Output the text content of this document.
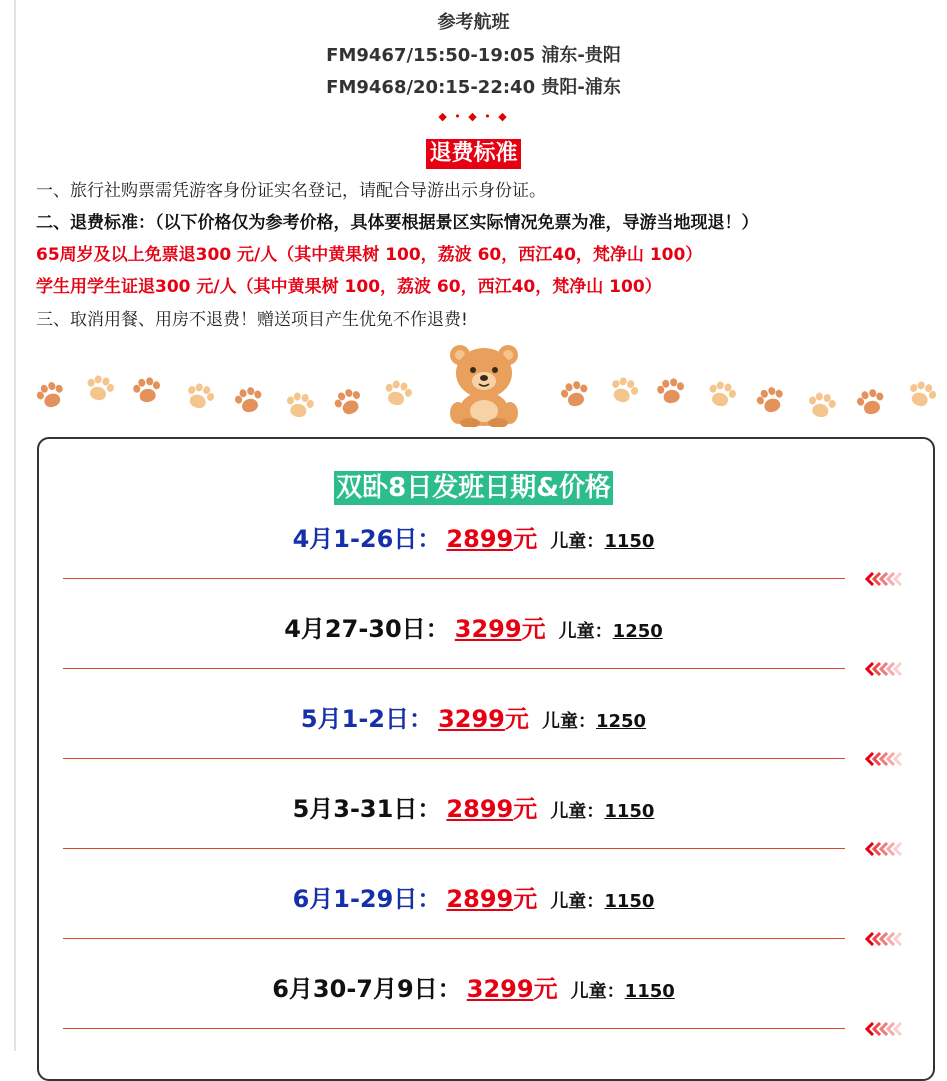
参考航班
FM9467/15:50-19:05 浦东-贵阳
FM9468/20:15-22:40 贵阳-浦东
◆ • ◆ • ◆
退费标准
一、旅行社购票需凭游客身份证实名登记，请配合导游出示身份证。
二、退费标准：（以下价格仅为参考价格，具体要根据景区实际情况免票为准，导游当地现退！）
65周岁及以上免票退300 元/人（其中黄果树 100，荔波 60，西江40，梵净山 100）
学生用学生证退300 元/人（其中黄果树 100，荔波 60，西江40，梵净山 100）
三、取消用餐、用房不退费！赠送项目产生优免不作退费!
双卧8日发班日期&价格
4月1-26日： 2899元 儿童：1150
4月27-30日： 3299元 儿童：1250
5月1-2日： 3299元 儿童：1250
5月3-31日： 2899元 儿童：1150
6月1-29日： 2899元 儿童：1150
6月30-7月9日： 3299元 儿童：1150
